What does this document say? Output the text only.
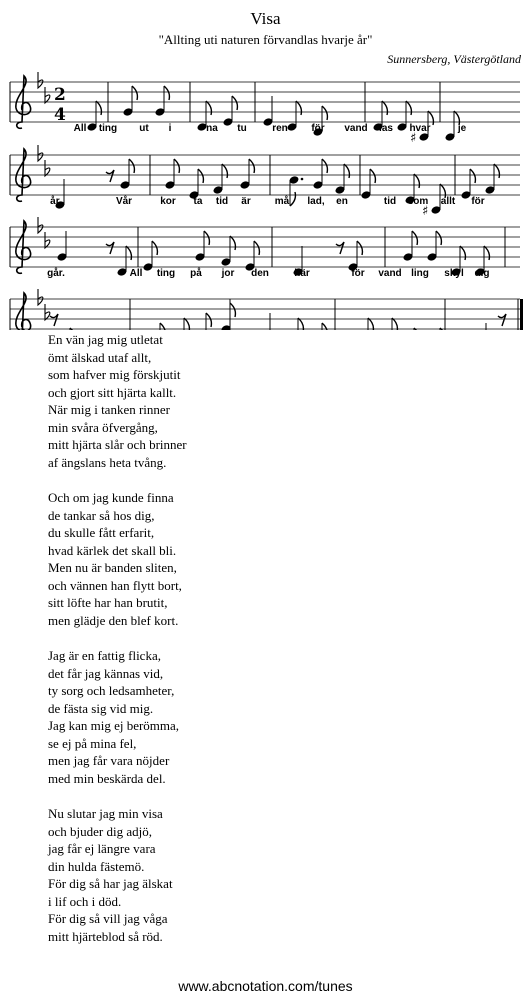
Visa
"Allting uti naturen förvandlas hvarje år"
Sunnersberg, Västergötland
2
4
♯
All ting ut i	na tu	ren för vand las hvar	je
♯
år.	Vår	kor ta tid är må lad, en	tid som allt för
går.	All ting på jor den	här	för vand ling skyl dig
En vän jag mig utletat
ömt älskad utaf allt,
som hafver mig förskjutit
och gjort sitt hjärta kallt.
När mig i tanken rinner
min svåra öfvergång,
mitt hjärta slår och brinner
af ängslans heta tvång.
Och om jag kunde finna
de tankar så hos dig,
du skulle fått erfarit,
hvad kärlek det skall bli.
Men nu är banden sliten,
och vännen han flytt bort,
sitt löfte har han brutit,
men glädje den blef kort.
Jag är en fattig flicka,
det får jag kännas vid,
ty sorg och ledsamheter,
de fästa sig vid mig.
Jag kan mig ej berömma,
se ej på mina fel,
men jag får vara nöjder
med min beskärda del.
Nu slutar jag min visa
och bjuder dig adjö,
jag får ej längre vara
din hulda fästemö.
För dig så har jag älskat
i lif och i död.
För dig så vill jag våga
mitt hjärteblod så röd.
www.abcnotation.com/tunes
